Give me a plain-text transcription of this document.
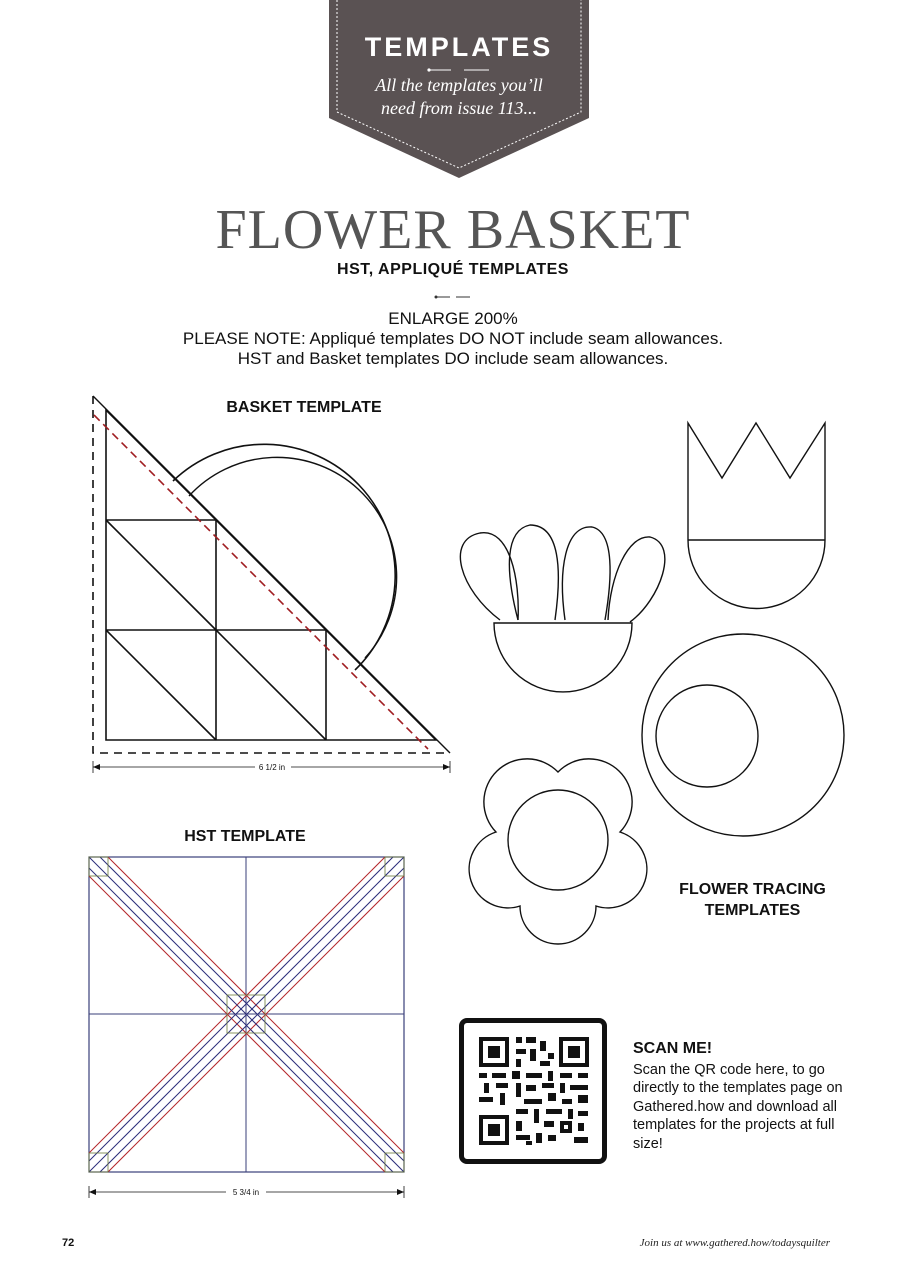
TEMPLATES
All the templates you’ll
need from issue 113...
FLOWER BASKET
HST, APPLIQUÉ TEMPLATES
ENLARGE 200%
PLEASE NOTE: Appliqué templates DO NOT include seam allowances.
HST and Basket templates DO include seam allowances.
BASKET TEMPLATE
HST TEMPLATE
FLOWER TRACING
TEMPLATES
6 1/2 in
5 3/4 in
SCAN ME!
Scan the QR code here, to go directly to the templates page on Gathered.how and download all templates for the projects at full size!
72	Join us at www.gathered.how/todaysquilter
